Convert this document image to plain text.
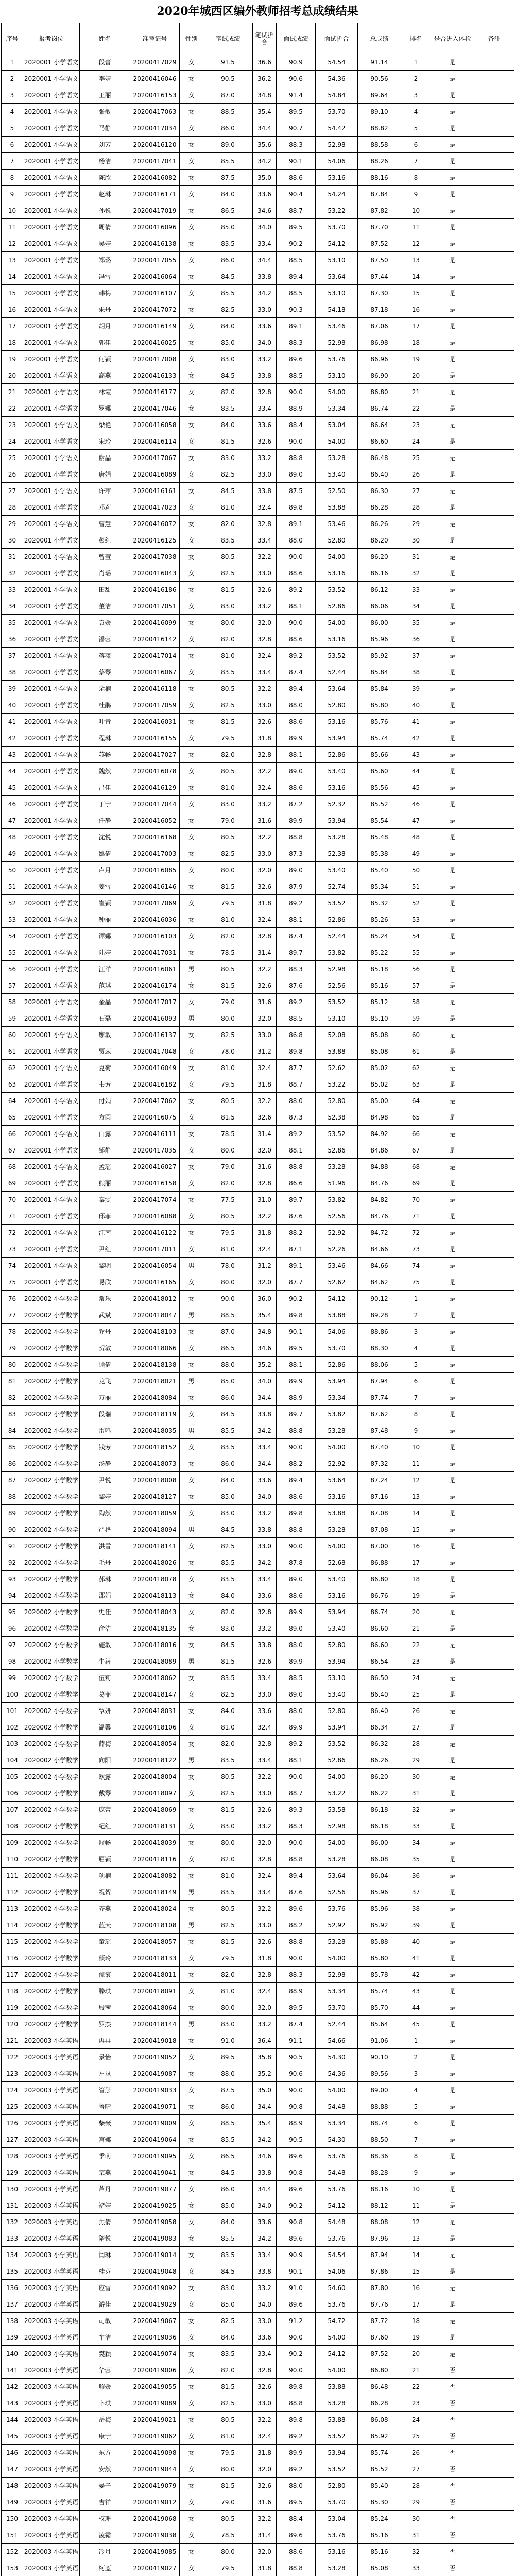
2020年城西区编外教师招考总成绩结果
序号	报考岗位	姓名	准考证号	性别	笔试成绩	笔试折合	面试成绩	面试折合	总成绩	排名	是否进入体检	备注
1	2020001 小学语文	段蕾	20200417029	女	91.5	36.6	90.9	54.54	91.14	1	是	
2	2020001 小学语文	李婧	20200416046	女	90.5	36.2	90.6	54.36	90.56	2	是	
3	2020001 小学语文	王丽	20200416153	女	87.0	34.8	91.4	54.84	89.64	3	是	
4	2020001 小学语文	张敏	20200417063	女	88.5	35.4	89.5	53.70	89.10	4	是	
5	2020001 小学语文	马静	20200417034	女	86.0	34.4	90.7	54.42	88.82	5	是	
6	2020001 小学语文	刘芳	20200416120	女	89.0	35.6	88.3	52.98	88.58	6	是	
7	2020001 小学语文	杨洁	20200417041	女	85.5	34.2	90.1	54.06	88.26	7	是	
8	2020001 小学语文	陈欣	20200416082	女	87.5	35.0	88.6	53.16	88.16	8	是	
9	2020001 小学语文	赵琳	20200416171	女	84.0	33.6	90.4	54.24	87.84	9	是	
10	2020001 小学语文	孙悦	20200417019	女	86.5	34.6	88.7	53.22	87.82	10	是	
11	2020001 小学语文	周倩	20200416096	女	85.0	34.0	89.5	53.70	87.70	11	是	
12	2020001 小学语文	吴婷	20200416138	女	83.5	33.4	90.2	54.12	87.52	12	是	
13	2020001 小学语文	郑璐	20200417055	女	86.0	34.4	88.5	53.10	87.50	13	是	
14	2020001 小学语文	冯雪	20200416064	女	84.5	33.8	89.4	53.64	87.44	14	是	
15	2020001 小学语文	韩梅	20200416107	女	85.5	34.2	88.5	53.10	87.30	15	是	
16	2020001 小学语文	朱丹	20200417072	女	82.5	33.0	90.3	54.18	87.18	16	是	
17	2020001 小学语文	胡月	20200416149	女	84.0	33.6	89.1	53.46	87.06	17	是	
18	2020001 小学语文	郭佳	20200416025	女	85.0	34.0	88.3	52.98	86.98	18	是	
19	2020001 小学语文	何颖	20200417008	女	83.0	33.2	89.6	53.76	86.96	19	是	
20	2020001 小学语文	高燕	20200416133	女	84.5	33.8	88.5	53.10	86.90	20	是	
21	2020001 小学语文	林霞	20200416177	女	82.0	32.8	90.0	54.00	86.80	21	是	
22	2020001 小学语文	罗娜	20200417046	女	83.5	33.4	88.9	53.34	86.74	22	是	
23	2020001 小学语文	梁艳	20200416058	女	84.0	33.6	88.4	53.04	86.64	23	是	
24	2020001 小学语文	宋玲	20200416114	女	81.5	32.6	90.0	54.00	86.60	24	是	
25	2020001 小学语文	谢晶	20200417067	女	83.0	33.2	88.8	53.28	86.48	25	是	
26	2020001 小学语文	唐娟	20200416089	女	82.5	33.0	89.0	53.40	86.40	26	是	
27	2020001 小学语文	许萍	20200416161	女	84.5	33.8	87.5	52.50	86.30	27	是	
28	2020001 小学语文	邓莉	20200417023	女	81.0	32.4	89.8	53.88	86.28	28	是	
29	2020001 小学语文	曹慧	20200416072	女	82.0	32.8	89.1	53.46	86.26	29	是	
30	2020001 小学语文	彭红	20200416125	女	83.5	33.4	88.0	52.80	86.20	30	是	
31	2020001 小学语文	曾莹	20200417038	女	80.5	32.2	90.0	54.00	86.20	31	是	
32	2020001 小学语文	肖瑶	20200416043	女	82.5	33.0	88.6	53.16	86.16	32	是	
33	2020001 小学语文	田甜	20200416186	女	81.5	32.6	89.2	53.52	86.12	33	是	
34	2020001 小学语文	董洁	20200417051	女	83.0	33.2	88.1	52.86	86.06	34	是	
35	2020001 小学语文	袁媛	20200416099	女	80.0	32.0	90.0	54.00	86.00	35	是	
36	2020001 小学语文	潘蓉	20200416142	女	82.0	32.8	88.6	53.16	85.96	36	是	
37	2020001 小学语文	蒋薇	20200417014	女	81.0	32.4	89.2	53.52	85.92	37	是	
38	2020001 小学语文	蔡琴	20200416067	女	83.5	33.4	87.4	52.44	85.84	38	是	
39	2020001 小学语文	余楠	20200416118	女	80.5	32.2	89.4	53.64	85.84	39	是	
40	2020001 小学语文	杜鹃	20200417059	女	82.5	33.0	88.0	52.80	85.80	40	是	
41	2020001 小学语文	叶青	20200416031	女	81.5	32.6	88.6	53.16	85.76	41	是	
42	2020001 小学语文	程琳	20200416155	女	79.5	31.8	89.9	53.94	85.74	42	是	
43	2020001 小学语文	苏畅	20200417027	女	82.0	32.8	88.1	52.86	85.66	43	是	
44	2020001 小学语文	魏然	20200416078	女	80.5	32.2	89.0	53.40	85.60	44	是	
45	2020001 小学语文	吕佳	20200416129	女	81.0	32.4	88.6	53.16	85.56	45	是	
46	2020001 小学语文	丁宁	20200417044	女	83.0	33.2	87.2	52.32	85.52	46	是	
47	2020001 小学语文	任静	20200416052	女	79.0	31.6	89.9	53.94	85.54	47	是	
48	2020001 小学语文	沈悦	20200416168	女	80.5	32.2	88.8	53.28	85.48	48	是	
49	2020001 小学语文	姚倩	20200417003	女	82.5	33.0	87.3	52.38	85.38	49	是	
50	2020001 小学语文	卢月	20200416085	女	80.0	32.0	89.0	53.40	85.40	50	是	
51	2020001 小学语文	姜雪	20200416146	女	81.5	32.6	87.9	52.74	85.34	51	是	
52	2020001 小学语文	崔颖	20200417069	女	79.5	31.8	89.2	53.52	85.32	52	是	
53	2020001 小学语文	钟丽	20200416036	女	81.0	32.4	88.1	52.86	85.26	53	是	
54	2020001 小学语文	谭娜	20200416103	女	82.0	32.8	87.4	52.44	85.24	54	是	
55	2020001 小学语文	陆婷	20200417031	女	78.5	31.4	89.7	53.82	85.22	55	是	
56	2020001 小学语文	汪洋	20200416061	男	80.5	32.2	88.3	52.98	85.18	56	是	
57	2020001 小学语文	范琪	20200416174	女	81.5	32.6	87.6	52.56	85.16	57	是	
58	2020001 小学语文	金晶	20200417017	女	79.0	31.6	89.2	53.52	85.12	58	是	
59	2020001 小学语文	石磊	20200416093	男	80.0	32.0	88.5	53.10	85.10	59	是	
60	2020001 小学语文	廖敏	20200416137	女	82.5	33.0	86.8	52.08	85.08	60	是	
61	2020001 小学语文	贾蕊	20200417048	女	78.0	31.2	89.8	53.88	85.08	61	是	
62	2020001 小学语文	夏荷	20200416049	女	81.0	32.4	87.7	52.62	85.02	62	是	
63	2020001 小学语文	韦芳	20200416182	女	79.5	31.8	88.7	53.22	85.02	63	是	
64	2020001 小学语文	付娟	20200417062	女	80.5	32.2	88.0	52.80	85.00	64	是	
65	2020001 小学语文	方圆	20200416075	女	81.5	32.6	87.3	52.38	84.98	65	是	
66	2020001 小学语文	白露	20200416111	女	78.5	31.4	89.2	53.52	84.92	66	是	
67	2020001 小学语文	邹静	20200417035	女	80.0	32.0	88.1	52.86	84.86	67	是	
68	2020001 小学语文	孟瑶	20200416027	女	79.0	31.6	88.8	53.28	84.88	68	是	
69	2020001 小学语文	熊丽	20200416158	女	82.0	32.8	86.6	51.96	84.76	69	是	
70	2020001 小学语文	秦雯	20200417074	女	77.5	31.0	89.7	53.82	84.82	70	是	
71	2020001 小学语文	邱菲	20200416088	女	80.5	32.2	87.6	52.56	84.76	71	是	
72	2020001 小学语文	江南	20200416122	女	79.5	31.8	88.2	52.92	84.72	72	是	
73	2020001 小学语文	尹红	20200417011	女	81.0	32.4	87.1	52.26	84.66	73	是	
74	2020001 小学语文	黎明	20200416054	男	78.0	31.2	89.1	53.46	84.66	74	是	
75	2020001 小学语文	易欣	20200416165	女	80.0	32.0	87.7	52.62	84.62	75	是	
76	2020002 小学数学	常乐	20200418012	女	90.0	36.0	90.2	54.12	90.12	1	是	
77	2020002 小学数学	武斌	20200418047	男	88.5	35.4	89.8	53.88	89.28	2	是	
78	2020002 小学数学	乔丹	20200418103	女	87.0	34.8	90.1	54.06	88.86	3	是	
79	2020002 小学数学	贺敏	20200418066	女	86.5	34.6	89.5	53.70	88.30	4	是	
80	2020002 小学数学	顾倩	20200418138	女	88.0	35.2	88.1	52.86	88.06	5	是	
81	2020002 小学数学	龙飞	20200418021	男	85.0	34.0	89.9	53.94	87.94	6	是	
82	2020002 小学数学	万丽	20200418084	女	86.0	34.4	88.9	53.34	87.74	7	是	
83	2020002 小学数学	段瑞	20200418119	女	84.5	33.8	89.7	53.82	87.62	8	是	
84	2020002 小学数学	雷鸣	20200418035	男	85.5	34.2	88.8	53.28	87.48	9	是	
85	2020002 小学数学	钱芳	20200418152	女	83.5	33.4	90.0	54.00	87.40	10	是	
86	2020002 小学数学	汤静	20200418073	女	86.0	34.4	88.2	52.92	87.32	11	是	
87	2020002 小学数学	尹悦	20200418008	女	84.0	33.6	89.4	53.64	87.24	12	是	
88	2020002 小学数学	黎婷	20200418127	女	85.0	34.0	88.6	53.16	87.16	13	是	
89	2020002 小学数学	陶然	20200418059	女	83.0	33.2	89.8	53.88	87.08	14	是	
90	2020002 小学数学	严格	20200418094	男	84.5	33.8	88.8	53.28	87.08	15	是	
91	2020002 小学数学	洪雪	20200418141	女	82.5	33.0	90.0	54.00	87.00	16	是	
92	2020002 小学数学	毛丹	20200418026	女	85.5	34.2	87.8	52.68	86.88	17	是	
93	2020002 小学数学	郝琳	20200418078	女	83.5	33.4	89.0	53.40	86.80	18	是	
94	2020002 小学数学	邵娟	20200418113	女	84.0	33.6	88.6	53.16	86.76	19	是	
95	2020002 小学数学	史佳	20200418043	女	82.0	32.8	89.9	53.94	86.74	20	是	
96	2020002 小学数学	俞洁	20200418135	女	83.0	33.2	89.0	53.40	86.60	21	是	
97	2020002 小学数学	施敏	20200418016	女	84.5	33.8	88.0	52.80	86.60	22	是	
98	2020002 小学数学	牛犇	20200418089	男	81.5	32.6	89.9	53.94	86.54	23	是	
99	2020002 小学数学	伍莉	20200418062	女	83.5	33.4	88.5	53.10	86.50	24	是	
100	2020002 小学数学	葛菲	20200418147	女	82.5	33.0	89.0	53.40	86.40	25	是	
101	2020002 小学数学	覃妍	20200418031	女	84.0	33.6	88.0	52.80	86.40	26	是	
102	2020002 小学数学	温馨	20200418106	女	81.0	32.4	89.9	53.94	86.34	27	是	
103	2020002 小学数学	薛梅	20200418054	女	82.0	32.8	89.2	53.52	86.32	28	是	
104	2020002 小学数学	向阳	20200418122	男	83.5	33.4	88.1	52.86	86.26	29	是	
105	2020002 小学数学	欧露	20200418004	女	80.5	32.2	90.0	54.00	86.20	30	是	
106	2020002 小学数学	戴琴	20200418097	女	82.5	33.0	88.7	53.22	86.22	31	是	
107	2020002 小学数学	庞蕾	20200418069	女	81.5	32.6	89.3	53.58	86.18	32	是	
108	2020002 小学数学	纪红	20200418131	女	83.0	33.2	88.3	52.98	86.18	33	是	
109	2020002 小学数学	舒畅	20200418039	女	80.0	32.0	90.0	54.00	86.00	34	是	
110	2020002 小学数学	屈颖	20200418116	女	82.0	32.8	88.8	53.28	86.08	35	是	
111	2020002 小学数学	项楠	20200418082	女	81.0	32.4	89.4	53.64	86.04	36	是	
112	2020002 小学数学	祝贺	20200418149	男	83.5	33.4	87.6	52.56	85.96	37	是	
113	2020002 小学数学	齐燕	20200418024	女	80.5	32.2	89.6	53.76	85.96	38	是	
114	2020002 小学数学	蓝天	20200418108	男	82.5	33.0	88.2	52.92	85.92	39	是	
115	2020002 小学数学	童瑶	20200418057	女	81.5	32.6	88.8	53.28	85.88	40	是	
116	2020002 小学数学	颜玲	20200418133	女	79.5	31.8	90.0	54.00	85.80	41	是	
117	2020002 小学数学	倪霞	20200418011	女	82.0	32.8	88.3	52.98	85.78	42	是	
118	2020002 小学数学	滕琪	20200418091	女	81.0	32.4	88.9	53.34	85.74	43	是	
119	2020002 小学数学	殷茜	20200418064	女	80.0	32.0	89.5	53.70	85.70	44	是	
120	2020002 小学数学	罗杰	20200418144	男	83.0	33.2	87.4	52.44	85.64	45	是	
121	2020003 小学英语	冉冉	20200419018	女	91.0	36.4	91.1	54.66	91.06	1	是	
122	2020003 小学英语	景怡	20200419052	女	89.5	35.8	90.5	54.30	90.10	2	是	
123	2020003 小学英语	左岚	20200419087	女	88.0	35.2	90.6	54.36	89.56	3	是	
124	2020003 小学英语	管彤	20200419033	女	87.5	35.0	90.0	54.00	89.00	4	是	
125	2020003 小学英语	鲁晴	20200419071	女	86.0	34.4	90.8	54.48	88.88	5	是	
126	2020003 小学英语	柴薇	20200419009	女	88.5	35.4	88.9	53.34	88.74	6	是	
127	2020003 小学英语	宫娜	20200419064	女	85.5	34.2	90.5	54.30	88.50	7	是	
128	2020003 小学英语	季萌	20200419095	女	86.5	34.6	89.6	53.76	88.36	8	是	
129	2020003 小学英语	栾燕	20200419041	女	84.5	33.8	90.8	54.48	88.28	9	是	
130	2020003 小学英语	芦丹	20200419077	女	86.0	34.4	89.6	53.76	88.16	10	是	
131	2020003 小学英语	褚婷	20200419025	女	85.0	34.0	90.2	54.12	88.12	11	是	
132	2020003 小学英语	焦倩	20200419058	女	84.0	33.6	90.8	54.48	88.08	12	是	
133	2020003 小学英语	隋悦	20200419083	女	85.5	34.2	89.6	53.76	87.96	13	是	
134	2020003 小学英语	闫琳	20200419014	女	83.5	33.4	90.9	54.54	87.94	14	是	
135	2020003 小学英语	桂芬	20200419048	女	84.5	33.8	90.1	54.06	87.86	15	是	
136	2020003 小学英语	应雪	20200419092	女	83.0	33.2	91.0	54.60	87.80	16	是	
137	2020003 小学英语	游佳	20200419029	女	85.0	34.0	89.6	53.76	87.76	17	是	
138	2020003 小学英语	司敏	20200419067	女	82.5	33.0	91.2	54.72	87.72	18	是	
139	2020003 小学英语	车洁	20200419036	女	84.0	33.6	90.0	54.00	87.60	19	是	
140	2020003 小学英语	樊颖	20200419074	女	83.5	33.4	90.2	54.12	87.52	20	是	
141	2020003 小学英语	华蓉	20200419006	女	82.0	32.8	90.0	54.00	86.80	21	否	
142	2020003 小学英语	解媛	20200419055	女	81.5	32.6	89.8	53.88	86.48	22	否	
143	2020003 小学英语	卜琪	20200419089	女	82.5	33.0	88.8	53.28	86.28	23	否	
144	2020003 小学英语	岳梅	20200419021	女	80.5	32.2	89.8	53.88	86.08	24	否	
145	2020003 小学英语	康宁	20200419062	女	81.0	32.4	89.2	53.52	85.92	25	否	
146	2020003 小学英语	东方	20200419098	女	79.5	31.8	89.9	53.94	85.74	26	否	
147	2020003 小学英语	安然	20200419044	女	80.0	32.0	89.2	53.52	85.52	27	否	
148	2020003 小学英语	晏子	20200419079	女	81.5	32.6	88.0	52.80	85.40	28	否	
149	2020003 小学英语	吉祥	20200419012	女	79.0	31.6	89.5	53.70	85.30	29	否	
150	2020003 小学英语	权珊	20200419068	女	80.5	32.2	88.4	53.04	85.24	30	否	
151	2020003 小学英语	凌霜	20200419038	女	78.5	31.4	89.6	53.76	85.16	31	否	
152	2020003 小学英语	冷月	20200419085	女	80.0	32.0	88.6	53.16	85.16	32	否	
153	2020003 小学英语	柯蓝	20200419027	女	79.5	31.8	88.8	53.28	85.08	33	否	
